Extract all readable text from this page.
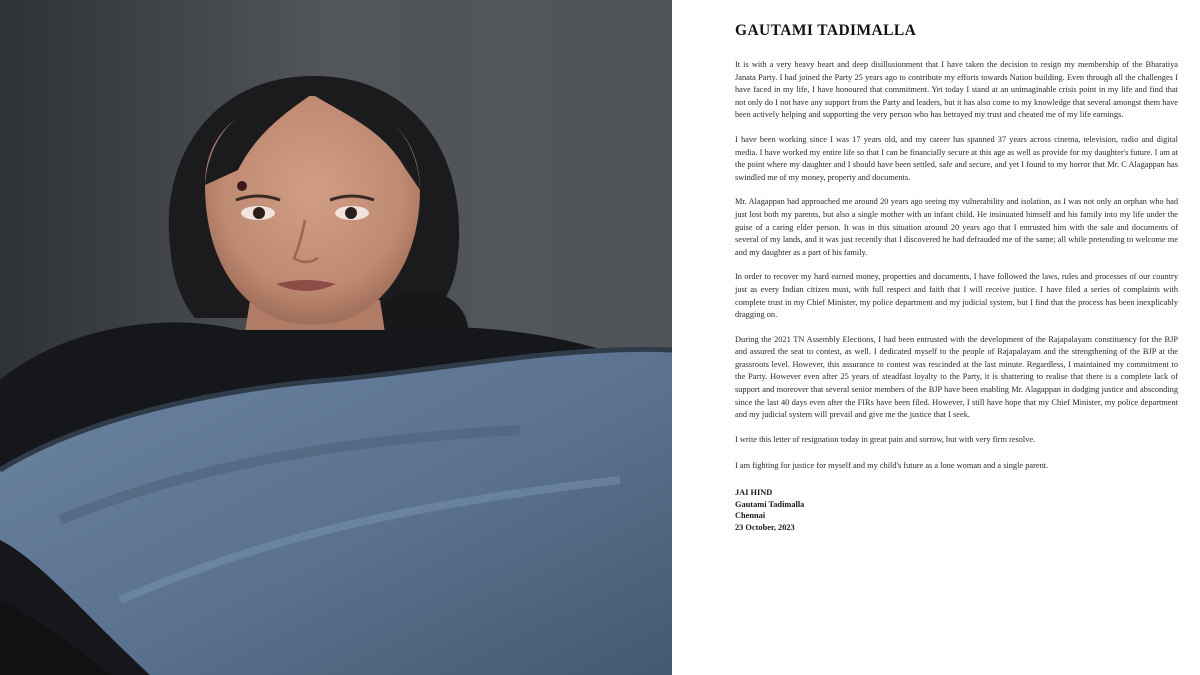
GAUTAMI TADIMALLA

It is with a very heavy heart and deep disillusionment that I have taken the decision to resign my membership of the Bharatiya Janata Party. I had joined the Party 25 years ago to contribute my efforts towards Nation building. Even through all the challenges I have faced in my life, I have honoured that commitment. Yet today I stand at an unimaginable crisis point in my life and find that not only do I not have any support from the Party and leaders, but it has also come to my knowledge that several amongst them have been actively helping and supporting the very person who has betrayed my trust and cheated me of my life earnings.

I have been working since I was 17 years old, and my career has spanned 37 years across cinema, television, radio and digital media. I have worked my entire life so that I can be financially secure at this age as well as provide for my daughter's future. I am at the point where my daughter and I should have been settled, safe and secure, and yet I found to my horror that Mr. C Alagappan has swindled me of my money, property and documents.

Mr. Alagappan had approached me around 20 years ago seeing my vulnerability and isolation, as I was not only an orphan who had just lost both my parents, but also a single mother with an infant child. He insinuated himself and his family into my life under the guise of a caring elder person. It was in this situation around 20 years ago that I entrusted him with the sale and documents of several of my lands, and it was just recently that I discovered he had defrauded me of the same; all while pretending to welcome me and my daughter as a part of his family.

In order to recover my hard earned money, properties and documents, I have followed the laws, rules and processes of our country just as every Indian citizen must, with full respect and faith that I will receive justice. I have filed a series of complaints with complete trust in my Chief Minister, my police department and my judicial system, but I find that the process has been inexplicably dragging on.

During the 2021 TN Assembly Elections, I had been entrusted with the development of the Rajapalayam constituency for the BJP and assured the seat to contest, as well. I dedicated myself to the people of Rajapalayam and the strengthening of the BJP at the grassroots level. However, this assurance to contest was rescinded at the last minute. Regardless, I maintained my commitment to the Party. However even after 25 years of steadfast loyalty to the Party, it is shattering to realise that there is a complete lack of support and moreover that several senior members of the BJP have been enabling Mr. Alagappan in dodging justice and absconding since the last 40 days even after the FIRs have been filed. However, I still have hope that my Chief Minister, my police department and my judicial system will prevail and give me the justice that I seek.

I write this letter of resignation today in great pain and sorrow, but with very firm resolve.

I am fighting for justice for myself and my child's future as a lone woman and a single parent.

JAI HIND
Gautami Tadimalla
Chennai
23 October, 2023
